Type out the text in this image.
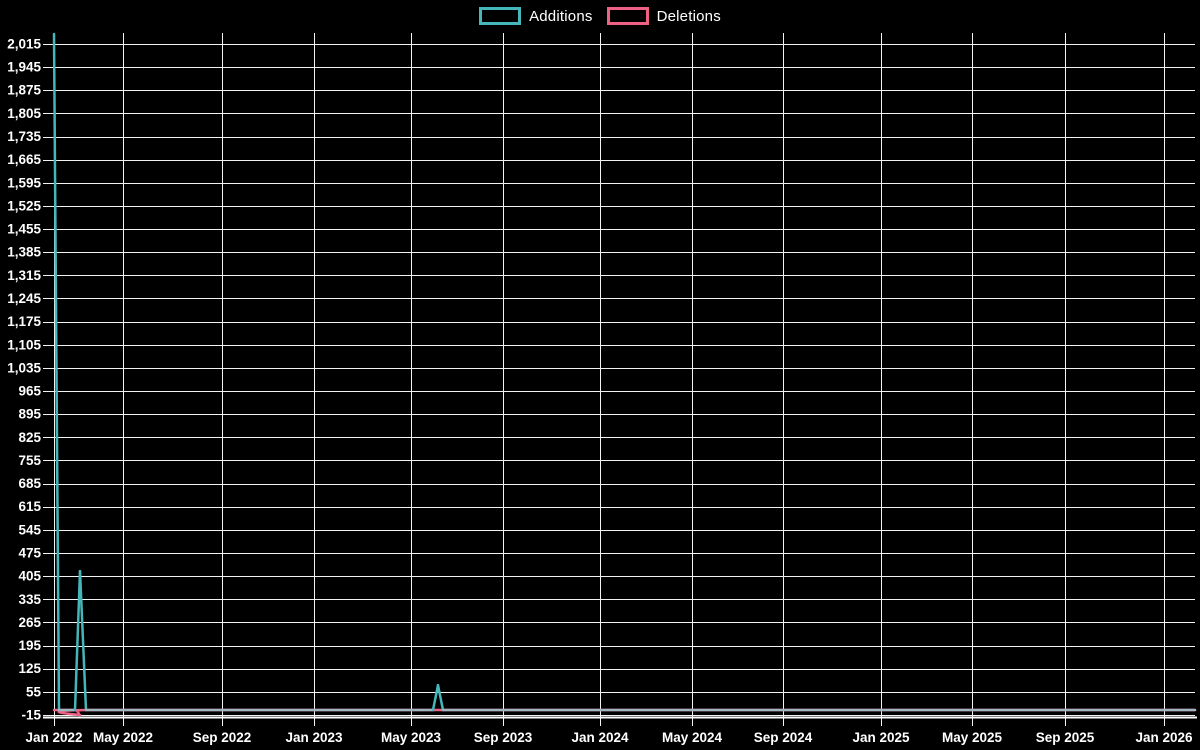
Additions	Deletions
2,015
1,945
1,875
1,805
1,735
1,665
1,595
1,525
1,455
1,385
1,315
1,245
1,175
1,105
1,035
965
895
825
755
685
615
545
475
405
335
265
195
125
55
-15
Jan 2022 May 2022	Sep 2022	Jan 2023	May 2023 Sep 2023	Jan 2024 May 2024 Sep 2024	Jan 2025 May 2025 Sep 2025	Jan 2026
